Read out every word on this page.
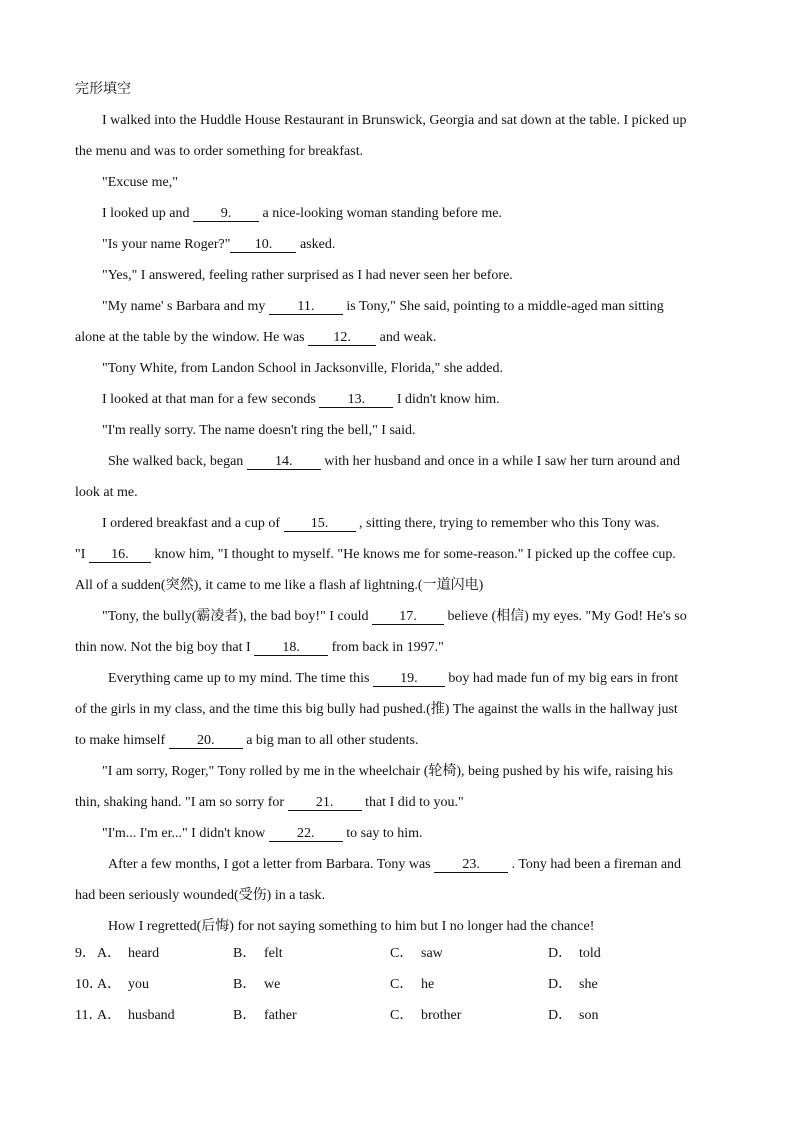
完形填空
I walked into the Huddle House Restaurant in Brunswick, Georgia and sat down at the table. I picked up
the menu and was to order something for breakfast.
"Excuse me,"
I looked up and 9. a nice-looking woman standing before me.
"Is your name Roger?" 10. asked.
"Yes," I answered, feeling rather surprised as I had never seen her before.
"My name' s Barbara and my 11. is Tony," She said, pointing to a middle-aged man sitting
alone at the table by the window. He was 12. and weak.
"Tony White, from Landon School in Jacksonville, Florida," she added.
I looked at that man for a few seconds 13. I didn't know him.
"I'm really sorry. The name doesn't ring the bell," I said.
She walked back, began 14. with her husband and once in a while I saw her turn around and
look at me.
I ordered breakfast and a cup of 15. , sitting there, trying to remember who this Tony was.
"I 16. know him, "I thought to myself. "He knows me for some-reason." I picked up the coffee cup.
All of a sudden(突然), it came to me like a flash af lightning.(一道闪电)
"Tony, the bully(霸凌者), the bad boy!" I could 17. believe (相信) my eyes. "My God! He's so
thin now. Not the big boy that I 18. from back in 1997."
Everything came up to my mind. The time this 19. boy had made fun of my big ears in front
of the girls in my class, and the time this big bully had pushed.(推) The against the walls in the hallway just
to make himself 20. a big man to all other students.
"I am sorry, Roger," Tony rolled by me in the wheelchair (轮椅), being pushed by his wife, raising his
thin, shaking hand. "I am so sorry for 21. that I did to you."
"I'm... I'm er..." I didn't know 22. to say to him.
After a few months, I got a letter from Barbara. Tony was 23. . Tony had been a fireman and
had been seriously wounded(受伤) in a task.
How I regretted(后悔) for not saying something to him but I no longer had the chance!
9． A． heard	B． felt	C． saw	D． told
10．
A． you	B． we	C． he	D． she
11．
A． husband	B． father	C． brother	D． son
